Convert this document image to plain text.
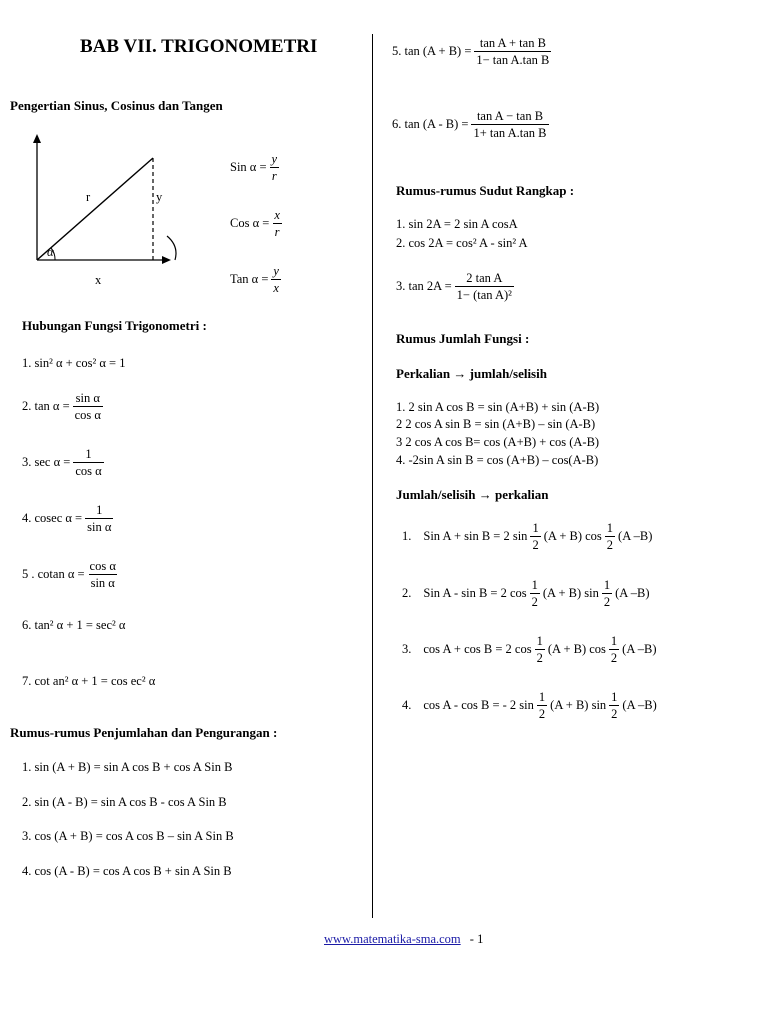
BAB VII. TRIGONOMETRI
Pengertian Sinus, Cosinus dan Tangen
r	y
x
α
Sin $\alpha = \frac{y}{r}$
Cos $\alpha = \frac{x}{r}$
Tan $\alpha = \frac{y}{x}$
Hubungan Fungsi Trigonometri :
1. sin² α + cos² α = 1
2. $\tan \alpha = \frac{\text{sin α}}{\text{cos α}}$
3. $\sec \alpha = \frac{1}{\text{cos α}}$
4. cosec $\alpha = \frac{1}{\text{sin α}}$
5 . cotan $\alpha = \frac{\text{cos α}}{\text{sin α}}$
6. tan² α + 1 = sec² α
7. cot an² α + 1 = cos ec² α
Rumus-rumus Penjumlahan dan Pengurangan :
1. sin (A + B) = sin A cos B + cos A Sin B
2. sin (A - B) = sin A cos B - cos A Sin B
3. cos (A + B) = cos A cos B – sin A Sin B
4. cos (A - B) = cos A cos B + sin A Sin B
5. $\tan (A + B) = \frac{\text{tan A + tan B}}{\text{1− tan A.tan B}}$
6. $\tan (A - B) = \frac{\text{tan A − tan B}}{\text{1+ tan A.tan B}}$
Rumus-rumus Sudut Rangkap :
1. sin 2A = 2 sin A cosA
2. cos 2A = cos² A - sin² A
3. $\tan 2A = \frac{\text{2 tan A}}{\text{1− (tan A)²}}$
Rumus Jumlah Fungsi :
Perkalian → jumlah/selisih
1. 2 sin A cos B = sin (A+B) + sin (A-B)
2 2 cos A sin B = sin (A+B) – sin (A-B)
3 2 cos A cos B= cos (A+B) + cos (A-B)
4. -2sin A sin B = cos (A+B) – cos(A-B)
Jumlah/selisih → perkalian
1. Sin A + sin B = 2 $\sin \frac{1}{2} (A + B)$ $\cos \frac{1}{2} (A$ –B)
2. Sin A - sin B = 2 $\cos \frac{1}{2} (A + B)$ $\sin \frac{1}{2} (A$ –B)
3. cos A + cos B = 2 $\cos \frac{1}{2} (A + B)$ $\cos \frac{1}{2} (A$ –B)
4. cos A - cos B = - 2 $\sin \frac{1}{2} (A + B)$ $\sin \frac{1}{2} (A$ –B)
www.matematika-sma.com - 1
